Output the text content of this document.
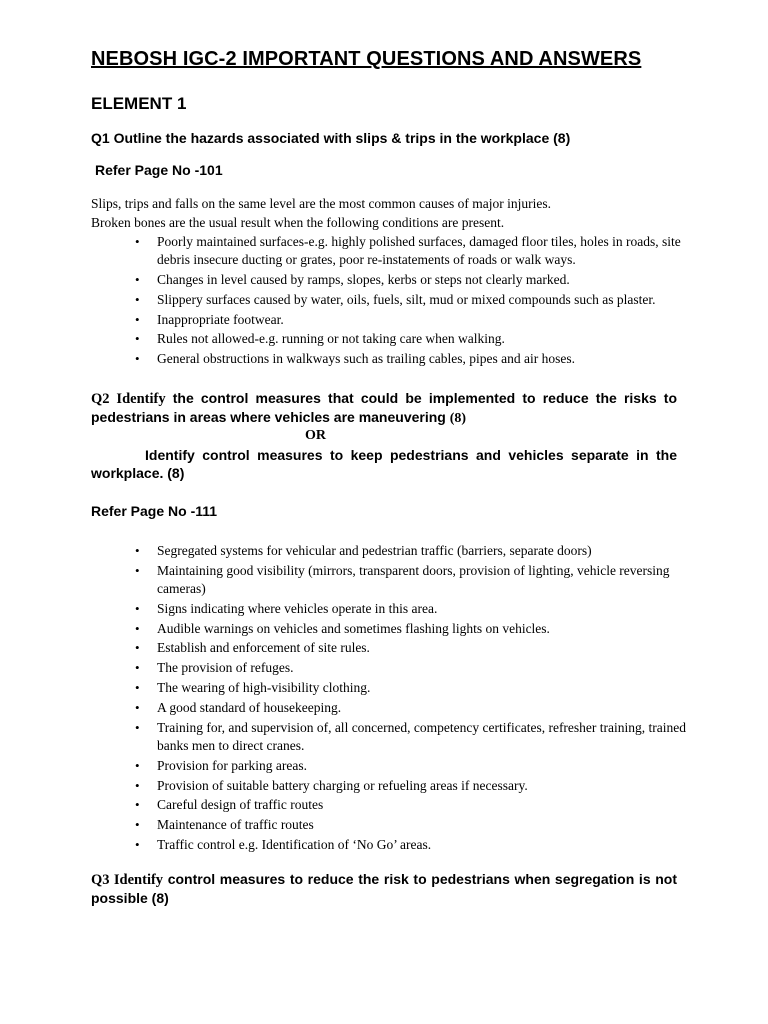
NEBOSH IGC-2 IMPORTANT QUESTIONS AND ANSWERS
ELEMENT 1
Q1 Outline the hazards associated with slips & trips in the workplace (8)
Refer Page No -101

Slips, trips and falls on the same level are the most common causes of major injuries.

Broken bones are the usual result when the following conditions are present.

• Poorly maintained surfaces-e.g. highly polished surfaces, damaged floor tiles, holes in roads, site debris insecure ducting or grates, poor re-instatements of roads or walk ways.
• Changes in level caused by ramps, slopes, kerbs or steps not clearly marked.
• Slippery surfaces caused by water, oils, fuels, silt, mud or mixed compounds such as plaster.
• Inappropriate footwear.
• Rules not allowed-e.g. running or not taking care when walking.
• General obstructions in walkways such as trailing cables, pipes and air hoses.
Q2 Identify the control measures that could be implemented to reduce the risks to pedestrians in areas where vehicles are maneuvering (8)
OR
Identify control measures to keep pedestrians and vehicles separate in the workplace. (8)
Refer Page No -111
• Segregated systems for vehicular and pedestrian traffic (barriers, separate doors)
• Maintaining good visibility (mirrors, transparent doors, provision of lighting, vehicle reversing cameras)
• Signs indicating where vehicles operate in this area.
• Audible warnings on vehicles and sometimes flashing lights on vehicles.
• Establish and enforcement of site rules.
• The provision of refuges.
• The wearing of high-visibility clothing.
• A good standard of housekeeping.
• Training for, and supervision of, all concerned, competency certificates, refresher training, trained banks men to direct cranes.
• Provision for parking areas.
• Provision of suitable battery charging or refueling areas if necessary.
• Careful design of traffic routes
• Maintenance of traffic routes
• Traffic control e.g. Identification of ‘No Go’ areas.
Q3 Identify control measures to reduce the risk to pedestrians when segregation is not possible (8)
